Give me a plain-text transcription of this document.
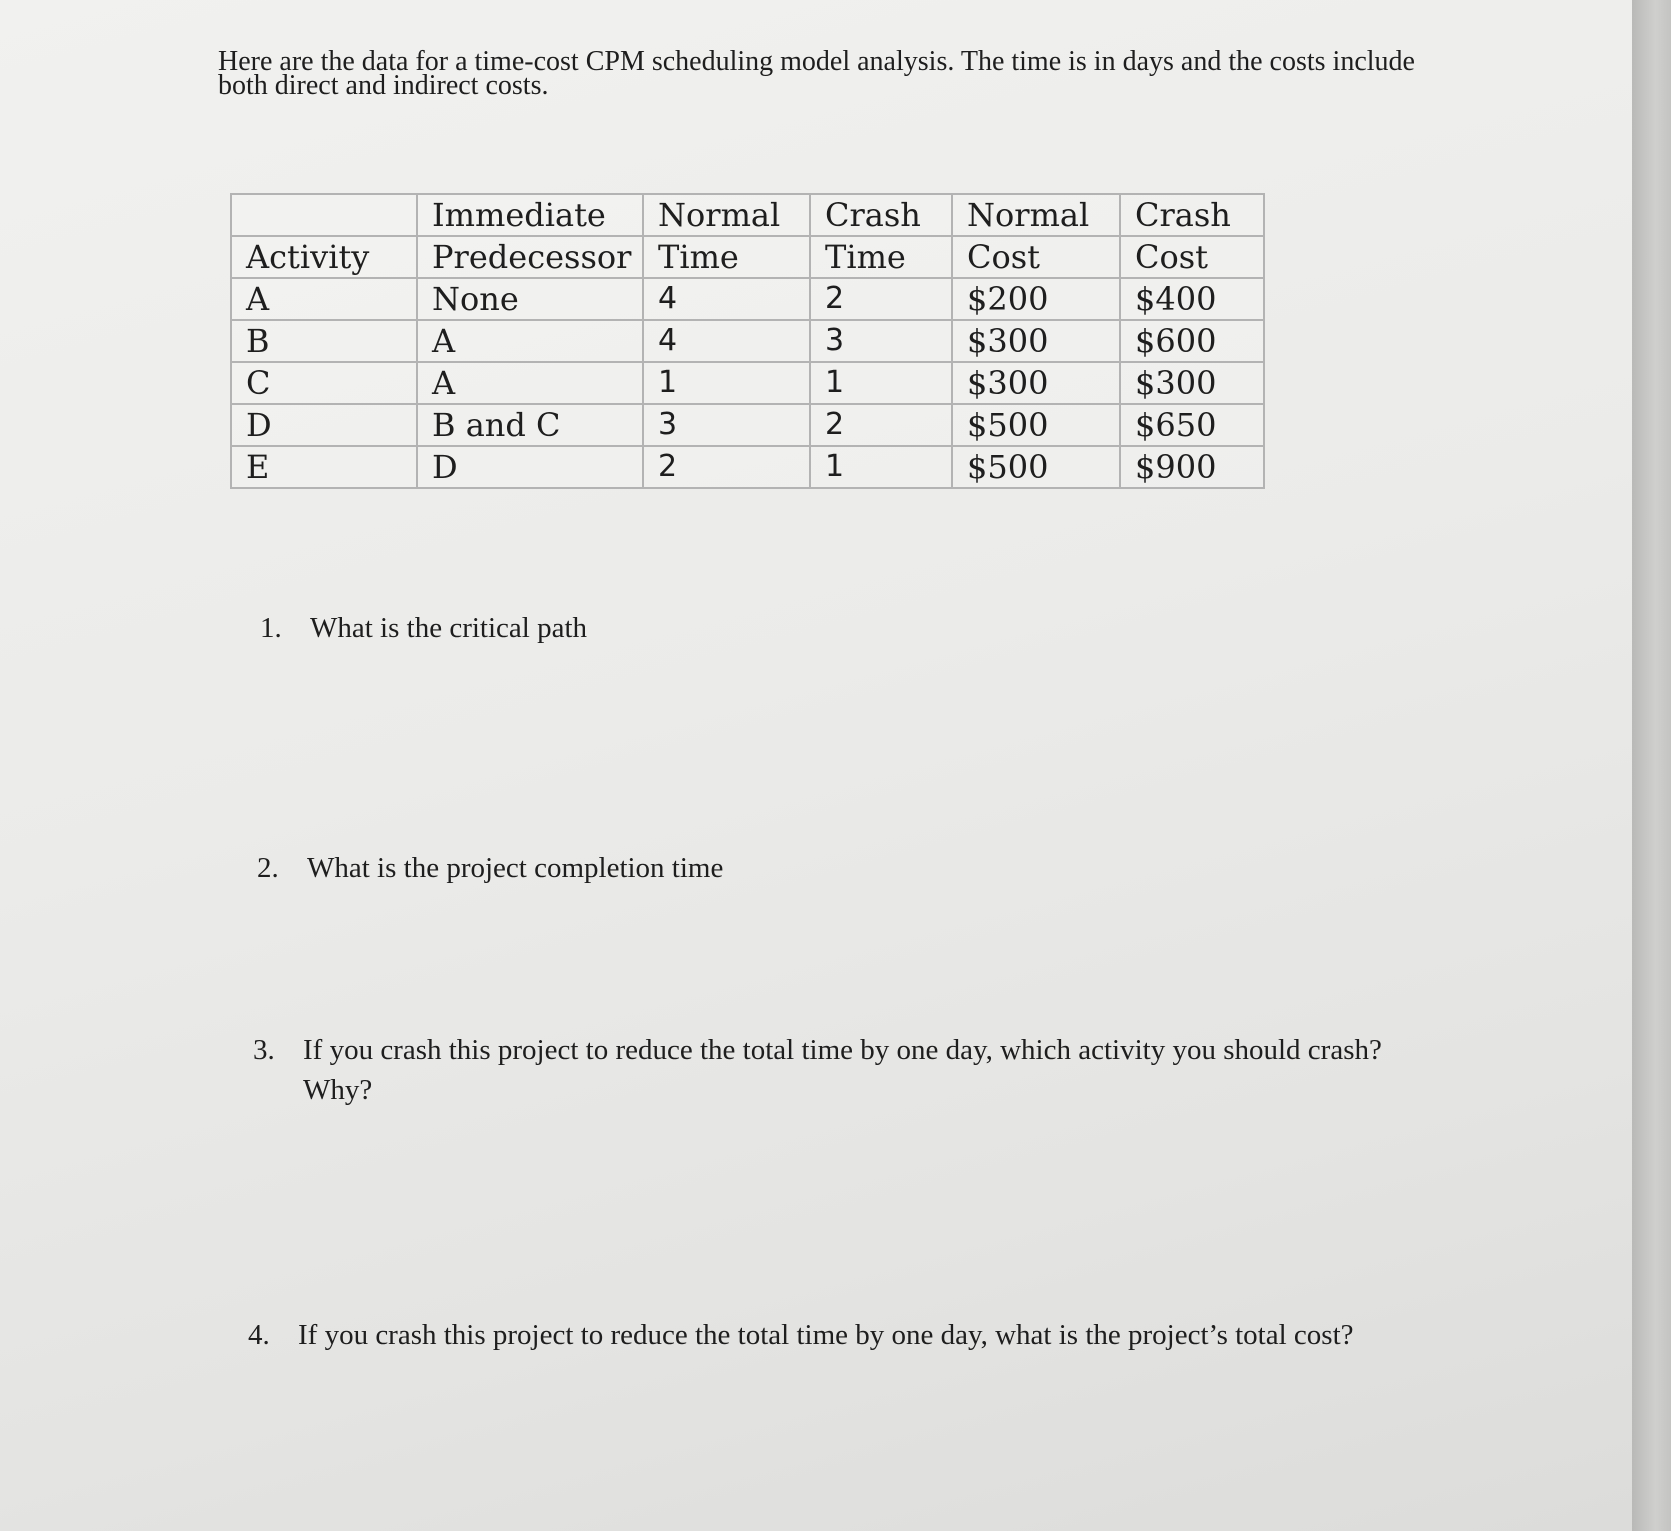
Here are the data for a time-cost CPM scheduling model analysis. The time is in days and the costs include both direct and indirect costs.

	Immediate	Normal	Crash	Normal	Crash
Activity	Predecessor	Time	Time	Cost	Cost
A	None	4	2	$200	$400
B	A	4	3	$300	$600
C	A	1	1	$300	$300
D	B and C	3	2	$500	$650
E	D	2	1	$500	$900
1. What is the critical path
2. What is the project completion time
3. If you crash this project to reduce the total time by one day, which activity you should crash? Why?
4. If you crash this project to reduce the total time by one day, what is the project’s total cost?
